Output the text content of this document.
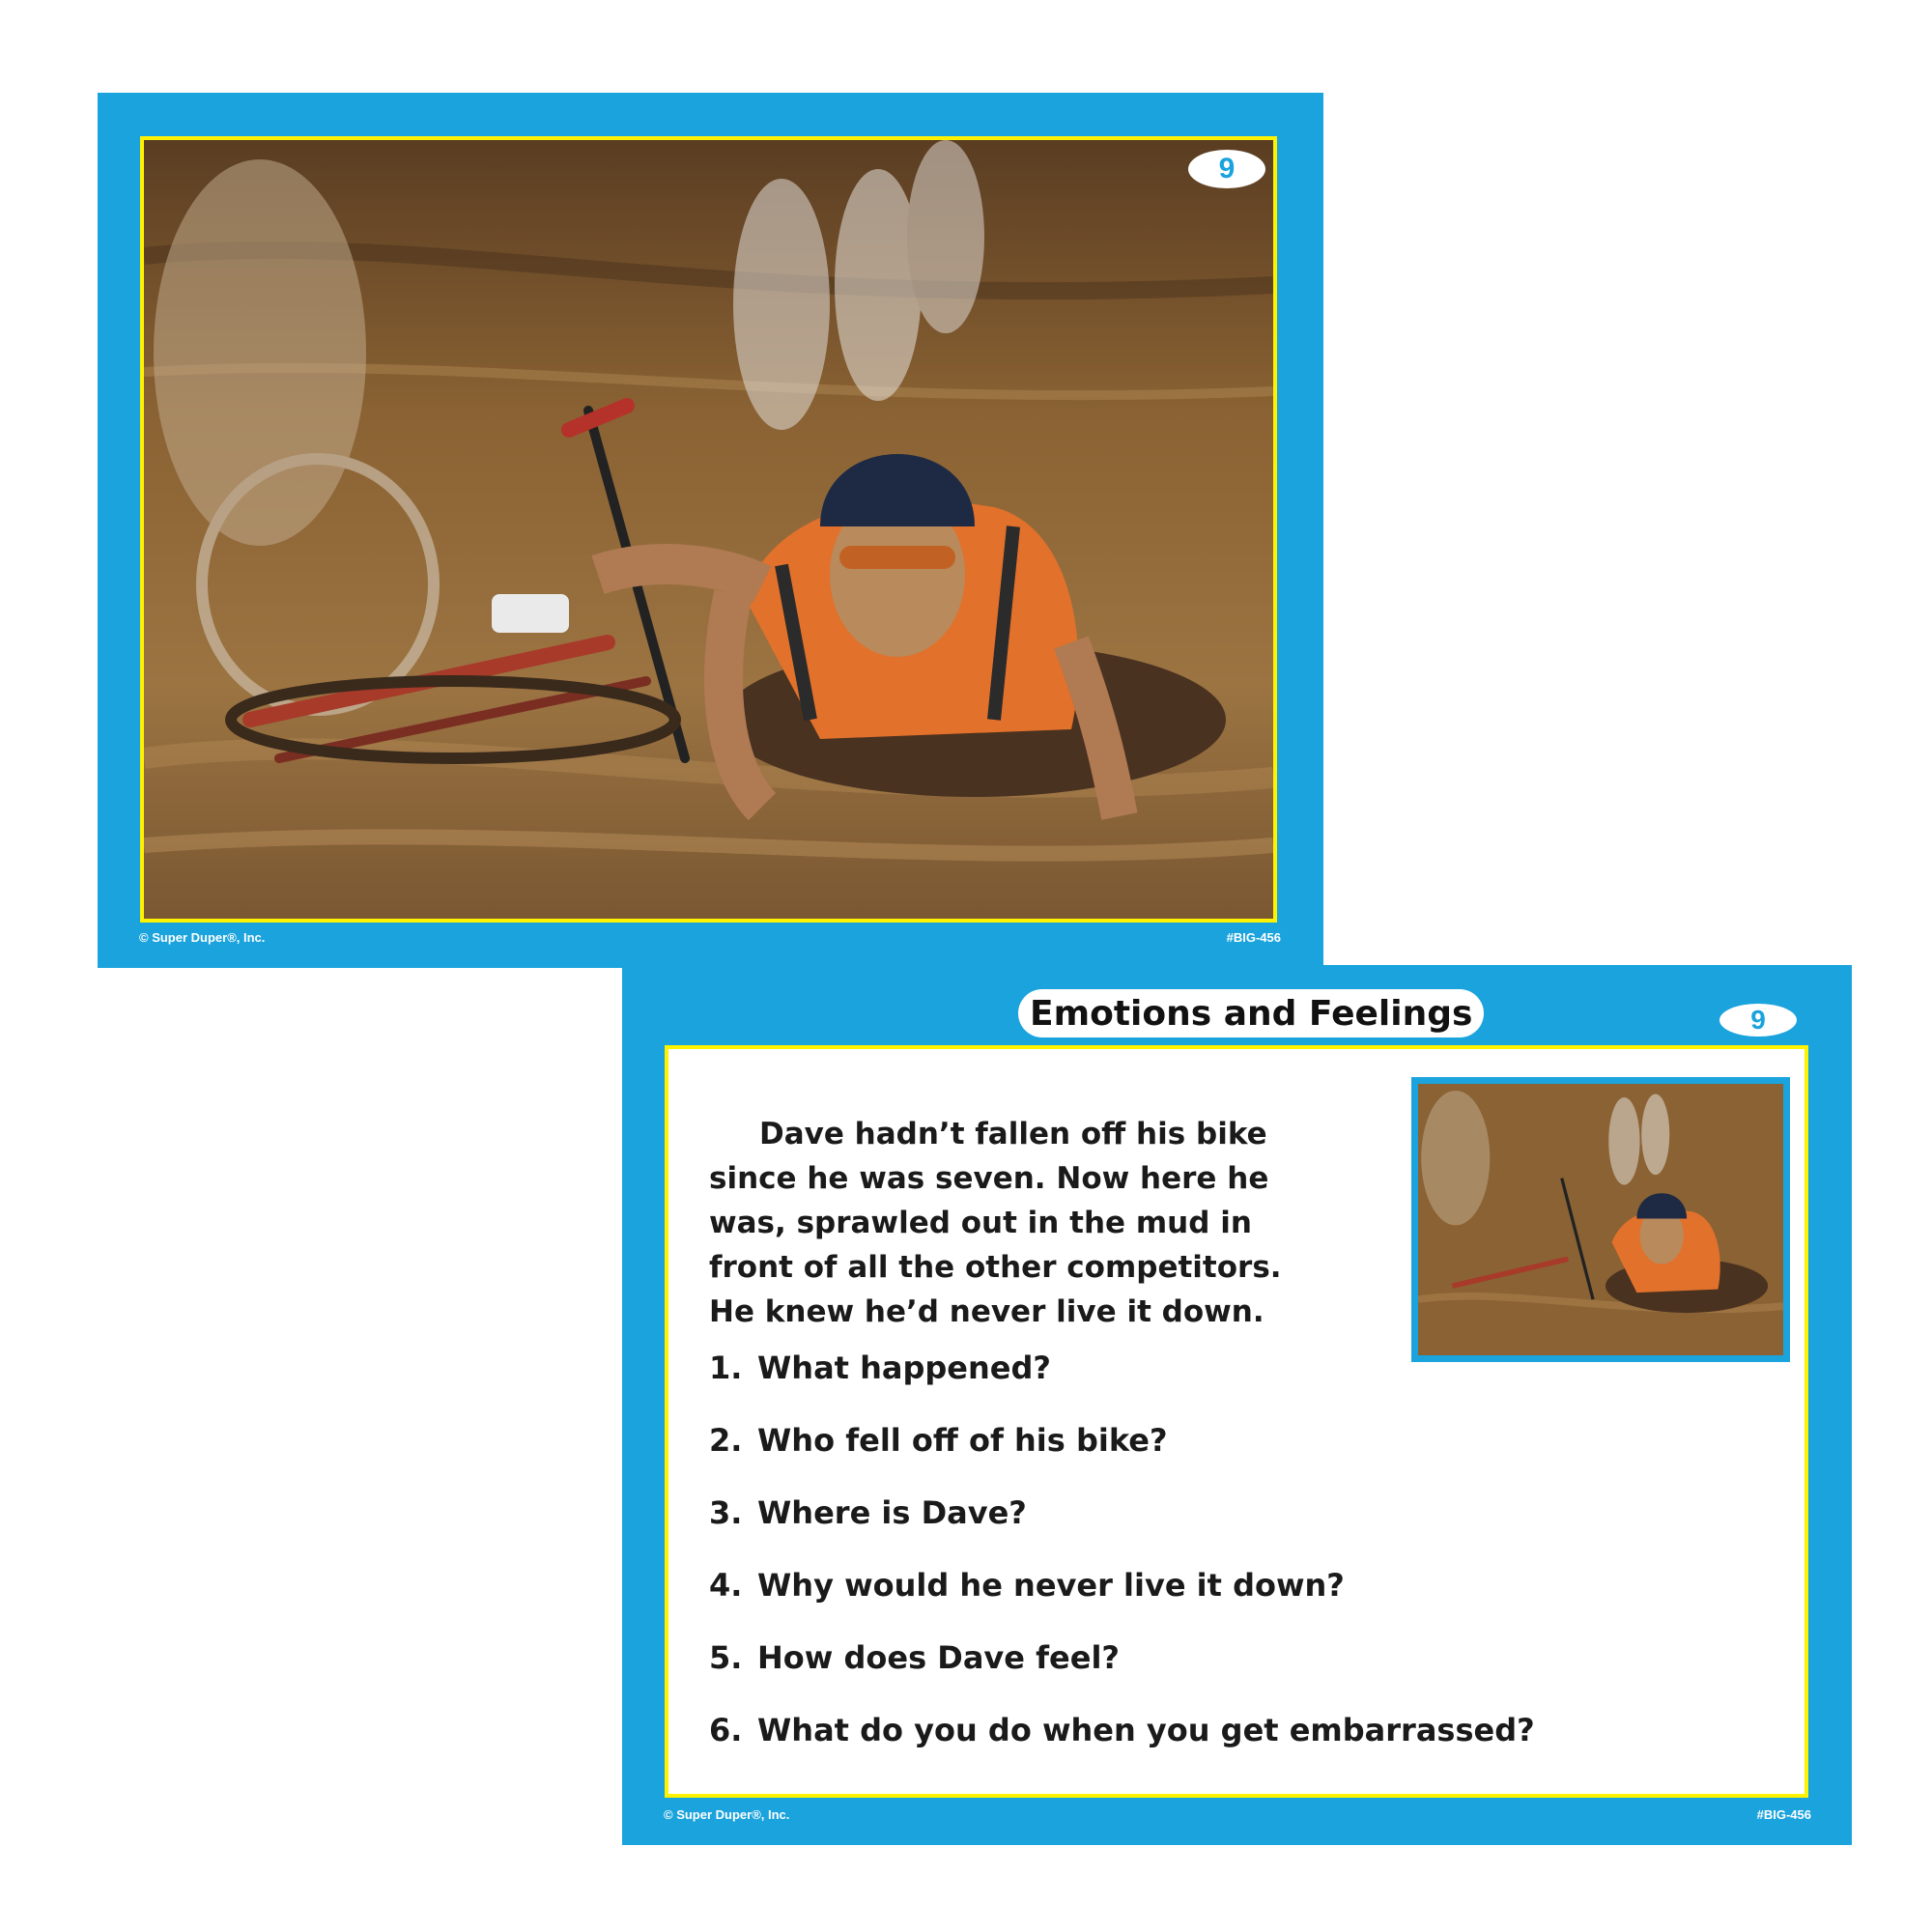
9
© Super Duper®, Inc.	#BIG-456
Emotions and Feelings	9

Dave hadn’t fallen off his bike since he was seven. Now here he was, sprawled out in the mud in front of all the other competitors. He knew he’d never live it down.

1. What happened?
2. Who fell off of his bike?
3. Where is Dave?
4. Why would he never live it down?
5. How does Dave feel?
6. What do you do when you get embarrassed?
© Super Duper®, Inc.	#BIG-456
